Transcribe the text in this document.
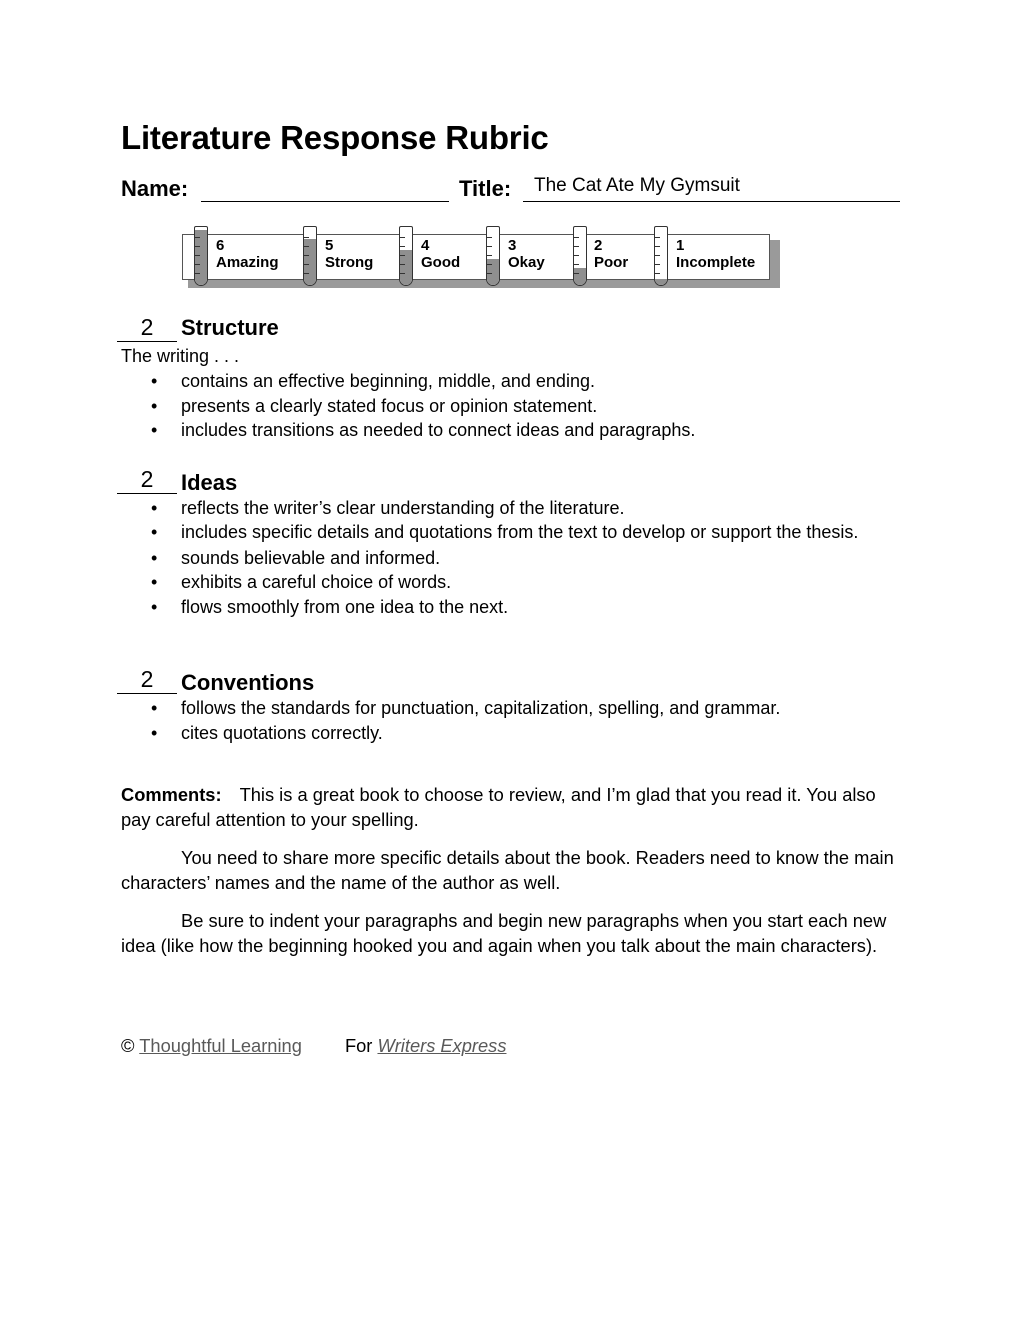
Literature Response Rubric
Name:	Title: The Cat Ate My Gymsuit
6
Amazing
5
Strong
4
Good
3
Okay
2
Poor
1
Incomplete
2	Structure
The writing . . .
• contains an effective beginning, middle, and ending.
• presents a clearly stated focus or opinion statement.
• includes transitions as needed to connect ideas and paragraphs.
2	Ideas
• reflects the writer’s clear understanding of the literature.
• includes specific details and quotations from the text to develop or support the thesis.
• sounds believable and informed.
• exhibits a careful choice of words.
• flows smoothly from one idea to the next.
2	Conventions
• follows the standards for punctuation, capitalization, spelling, and grammar.
• cites quotations correctly.

Comments: This is a great book to choose to review, and I’m glad that you read it. You also pay careful attention to your spelling.

You need to share more specific details about the book. Readers need to know the main characters’ names and the name of the author as well.

Be sure to indent your paragraphs and begin new paragraphs when you start each new idea (like how the beginning hooked you and again when you talk about the main characters).

© Thoughtful Learning For Writers Express
